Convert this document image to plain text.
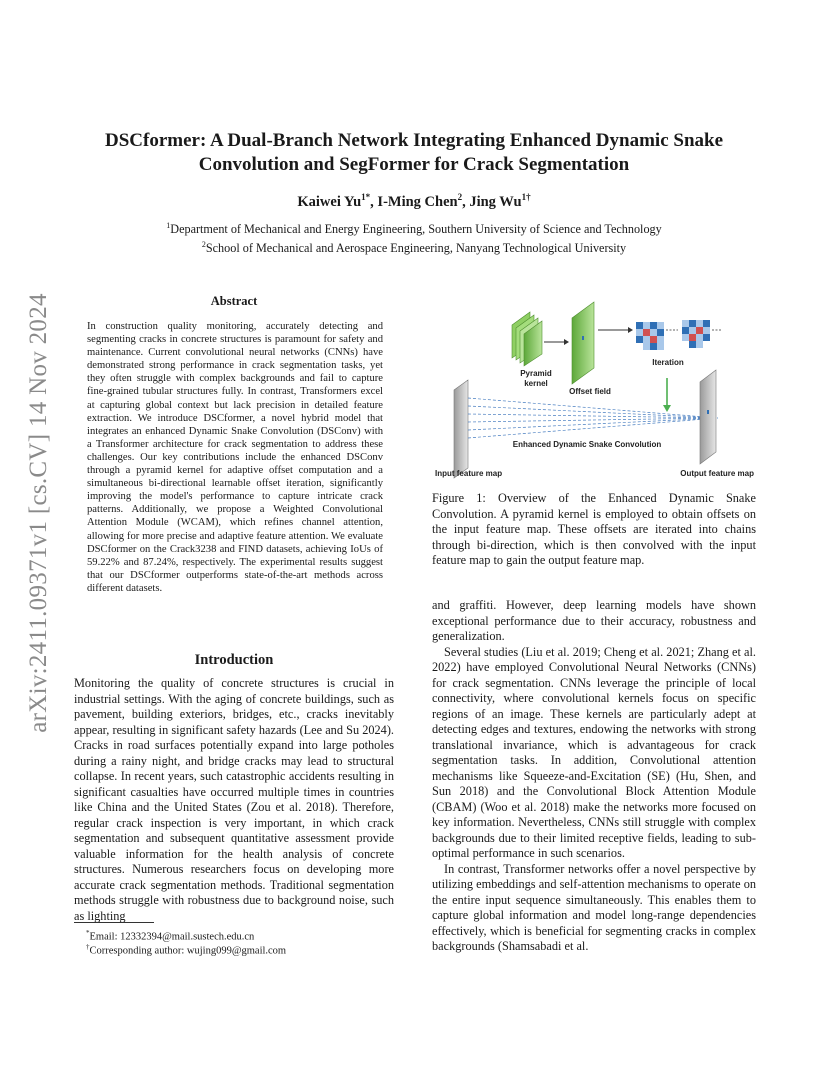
arXiv:2411.09371v1 [cs.CV] 14 Nov 2024
DSCformer: A Dual-Branch Network Integrating Enhanced Dynamic Snake
Convolution and SegFormer for Crack Segmentation
Kaiwei $Yu^{1*}$, I-Ming Chen$^2$, Jing $Wu^{1\dagger}$
$^1$Department of Mechanical and Energy Engineering, Southern University of Science and Technology
$^2$School of Mechanical and Aerospace Engineering, Nanyang Technological University
Abstract
In construction quality monitoring, accurately detecting and segmenting cracks in concrete structures is paramount for safety and maintenance. Current convolutional neural networks (CNNs) have demonstrated strong performance in crack segmentation tasks, yet they often struggle with complex backgrounds and fail to capture fine-grained tubular structures fully. In contrast, Transformers excel at capturing global context but lack precision in detailed feature extraction. We introduce DSCformer, a novel hybrid model that integrates an enhanced Dynamic Snake Convolution (DSConv) with a Transformer architecture for crack segmentation to address these challenges. Our key contributions include the enhanced DSConv through a pyramid kernel for adaptive offset computation and a simultaneous bi-directional learnable offset iteration, significantly improving the model's performance to capture intricate crack patterns. Additionally, we propose a Weighted Convolutional Attention Module (WCAM), which refines channel attention, allowing for more precise and adaptive feature attention. We evaluate DSCformer on the Crack3238 and FIND datasets, achieving IoUs of 59.22% and 87.24%, respectively. The experimental results suggest that our DSCformer outperforms state-of-the-art methods across different datasets.
Introduction
Monitoring the quality of concrete structures is crucial in industrial settings. With the aging of concrete buildings, such as pavement, building exteriors, bridges, etc., cracks inevitably appear, resulting in significant safety hazards (Lee and Su 2024). Cracks in road surfaces potentially expand into large potholes during a rainy night, and bridge cracks may lead to structural collapse. In recent years, such catastrophic accidents resulting in significant casualties have occurred multiple times in countries like China and the United States (Zou et al. 2018). Therefore, regular crack inspection is very important, in which crack segmentation and subsequent quantitative assessment provide valuable information for the health analysis of concrete structures. Numerous researchers focus on developing more accurate crack segmentation methods. Traditional segmentation methods struggle with robustness due to background noise, such as lighting
*Email: 12332394@mail.sustech.edu.cn
†Corresponding author: wujing099@gmail.com
Pyramid
kernel
Offset field
Iteration
Enhanced Dynamic Snake Convolution
Input feature map	Output feature map
Figure 1: Overview of the Enhanced Dynamic Snake Convolution. A pyramid kernel is employed to obtain offsets on the input feature map. These offsets are iterated into chains through bi-direction, which is then convolved with the input feature map to gain the output feature map.

and graffiti. However, deep learning models have shown exceptional performance due to their accuracy, robustness and generalization.

Several studies (Liu et al. 2019; Cheng et al. 2021; Zhang et al. 2022) have employed Convolutional Neural Networks (CNNs) for crack segmentation. CNNs leverage the principle of local connectivity, where convolutional kernels focus on specific regions of an image. These kernels are particularly adept at detecting edges and textures, endowing the networks with strong translational invariance, which is advantageous for crack segmentation tasks. In addition, Convolutional attention mechanisms like Squeeze-and-Excitation (SE) (Hu, Shen, and Sun 2018) and the Convolutional Block Attention Module (CBAM) (Woo et al. 2018) make the networks more focused on key information. Nevertheless, CNNs still struggle with complex backgrounds due to their limited receptive fields, leading to sub-optimal performance in such scenarios.

In contrast, Transformer networks offer a novel perspective by utilizing embeddings and self-attention mechanisms to operate on the entire input sequence simultaneously. This enables them to capture global information and model long-range dependencies effectively, which is beneficial for segmenting cracks in complex backgrounds (Shamsabadi et al.
